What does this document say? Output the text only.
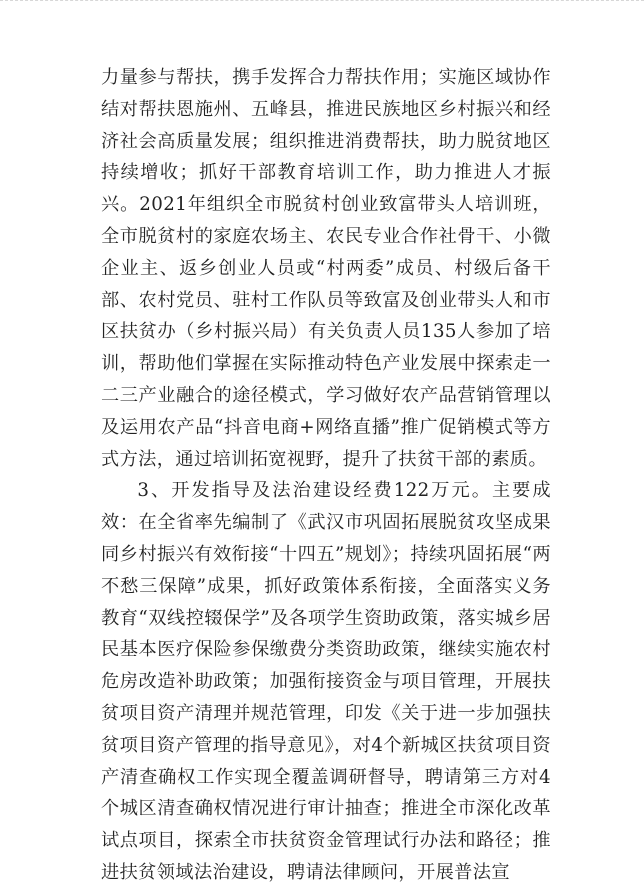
力量参与帮扶，携手发挥合力帮扶作用；实施区域协作结对帮扶恩施州、五峰县，推进民族地区乡村振兴和经济社会高质量发展；组织推进消费帮扶，助力脱贫地区持续增收；抓好干部教育培训工作，助力推进人才振兴。2021年组织全市脱贫村创业致富带头人培训班，全市脱贫村的家庭农场主、农民专业合作社骨干、小微企业主、返乡创业人员或“村两委”成员、村级后备干部、农村党员、驻村工作队员等致富及创业带头人和市区扶贫办（乡村振兴局）有关负责人员135人参加了培训，帮助他们掌握在实际推动特色产业发展中探索走一二三产业融合的途径模式，学习做好农产品营销管理以及运用农产品“抖音电商+网络直播”推广促销模式等方式方法，通过培训拓宽视野，提升了扶贫干部的素质。

3、开发指导及法治建设经费122万元。主要成效：在全省率先编制了《武汉市巩固拓展脱贫攻坚成果同乡村振兴有效衔接“十四五”规划》；持续巩固拓展“两不愁三保障”成果，抓好政策体系衔接，全面落实义务教育“双线控辍保学”及各项学生资助政策，落实城乡居民基本医疗保险参保缴费分类资助政策，继续实施农村危房改造补助政策；加强衔接资金与项目管理，开展扶贫项目资产清理并规范管理，印发《关于进一步加强扶贫项目资产管理的指导意见》，对4个新城区扶贫项目资产清查确权工作实现全覆盖调研督导，聘请第三方对4个城区清查确权情况进行审计抽查；推进全市深化改革试点项目，探索全市扶贫资金管理试行办法和路径；推进扶贫领域法治建设，聘请法律顾问，开展普法宣
